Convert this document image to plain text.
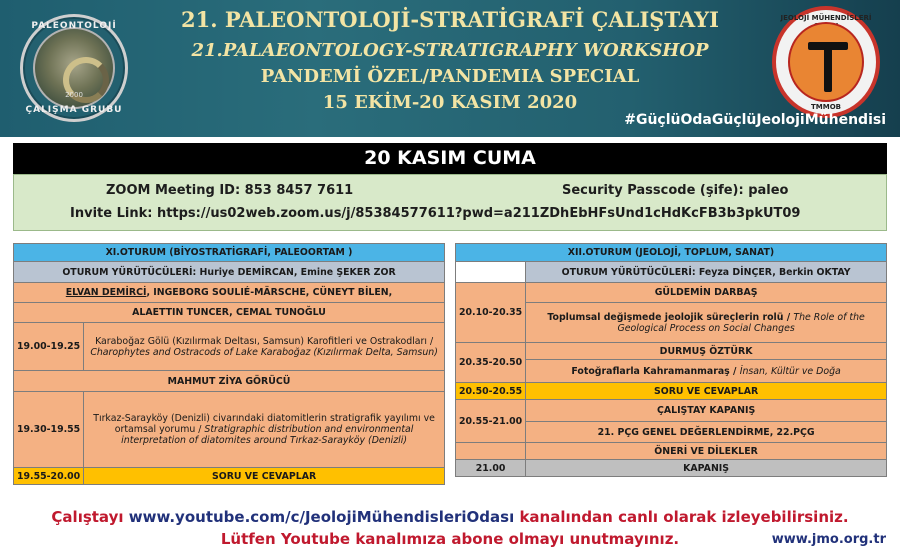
PALEONTOLOJİ
2000
ÇALIŞMA GRUBU
21. PALEONTOLOJİ-STRATİGRAFİ ÇALIŞTAYI
21.PALAEONTOLOGY-STRATIGRAPHY WORKSHOP
PANDEMİ ÖZEL/PANDEMIA SPECIAL
15 EKİM-20 KASIM 2020
JEOLOJİ MÜHENDİSLERİ
TMMOB
#GüçlüOdaGüçlüJeolojiMühendisi
20 KASIM CUMA
ZOOM Meeting ID: 853 8457 7611	Security Passcode (şife): paleo
Invite Link: https://us02web.zoom.us/j/85384577611?pwd=a211ZDhEbHFsUnd1cHdKcFB3b3pkUT09
XI.OTURUM (BİYOSTRATİGRAFİ, PALEOORTAM )	
OTURUM YÜRÜTÜCÜLERİ: Huriye DEMİRCAN, Emine ŞEKER ZOR	
ELVAN DEMİRCİ, INGEBORG SOULIÉ-MÄRSCHE, CÜNEYT BİLEN,	
ALAETTIN TUNCER, CEMAL TUNOĞLU	
19.00-19.25	Karaboğaz Gölü (Kızılırmak Deltası, Samsun) Karofitleri ve Ostrakodları / Charophytes and Ostracods of Lake Karaboğaz (Kızılırmak Delta, Samsun)
MAHMUT ZİYA GÖRÜCÜ	
19.30-19.55	Tırkaz-Sarayköy (Denizli) civarındaki diatomitlerin stratigrafik yayılımı ve ortamsal yorumu / Stratigraphic distribution and environmental interpretation of diatomites around Tırkaz-Sarayköy (Denizli)
19.55-20.00	SORU VE CEVAPLAR
XII.OTURUM (JEOLOJİ, TOPLUM, SANAT)	
	OTURUM YÜRÜTÜCÜLERİ: Feyza DİNÇER, Berkin OKTAY
20.10-20.35	GÜLDEMİN DARBAŞ
	Toplumsal değişmede jeolojik süreçlerin rolü / The Role of the Geological Process on Social Changes
20.35-20.50	DURMUŞ ÖZTÜRK
	Fotoğraflarla Kahramanmaraş / İnsan, Kültür ve Doğa
20.50-20.55	SORU VE CEVAPLAR
20.55-21.00	ÇALIŞTAY KAPANIŞ
	21. PÇG GENEL DEĞERLENDİRME, 22.PÇG
	ÖNERİ VE DİLEKLER
21.00	KAPANIŞ
Çalıştayı www.youtube.com/c/JeolojiMühendisleriOdası kanalından canlı olarak izleyebilirsiniz.
Lütfen Youtube kanalımıza abone olmayı unutmayınız.	www.jmo.org.tr
